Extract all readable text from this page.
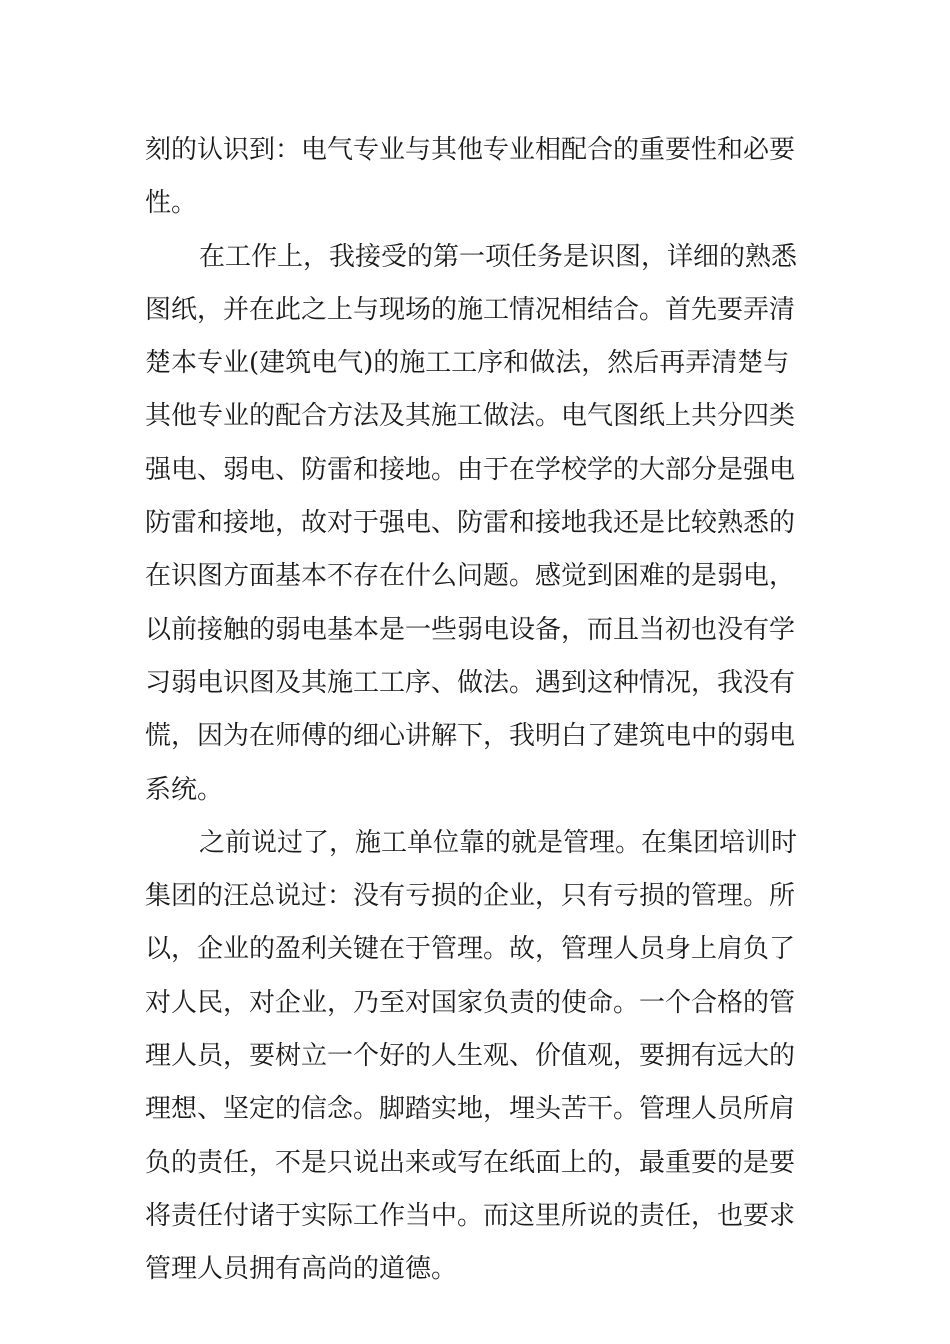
刻的认识到：电气专业与其他专业相配合的重要性和必要
性。
在工作上，我接受的第一项任务是识图，详细的熟悉
图纸，并在此之上与现场的施工情况相结合。首先要弄清
楚本专业(建筑电气)的施工工序和做法，然后再弄清楚与
其他专业的配合方法及其施工做法。电气图纸上共分四类
强电、弱电、防雷和接地。由于在学校学的大部分是强电
防雷和接地，故对于强电、防雷和接地我还是比较熟悉的
在识图方面基本不存在什么问题。感觉到困难的是弱电，
以前接触的弱电基本是一些弱电设备，而且当初也没有学
习弱电识图及其施工工序、做法。遇到这种情况，我没有
慌，因为在师傅的细心讲解下，我明白了建筑电中的弱电
系统。
之前说过了，施工单位靠的就是管理。在集团培训时
集团的汪总说过：没有亏损的企业，只有亏损的管理。所
以，企业的盈利关键在于管理。故，管理人员身上肩负了
对人民，对企业，乃至对国家负责的使命。一个合格的管
理人员，要树立一个好的人生观、价值观，要拥有远大的
理想、坚定的信念。脚踏实地，埋头苦干。管理人员所肩
负的责任，不是只说出来或写在纸面上的，最重要的是要
将责任付诸于实际工作当中。而这里所说的责任，也要求
管理人员拥有高尚的道德。
